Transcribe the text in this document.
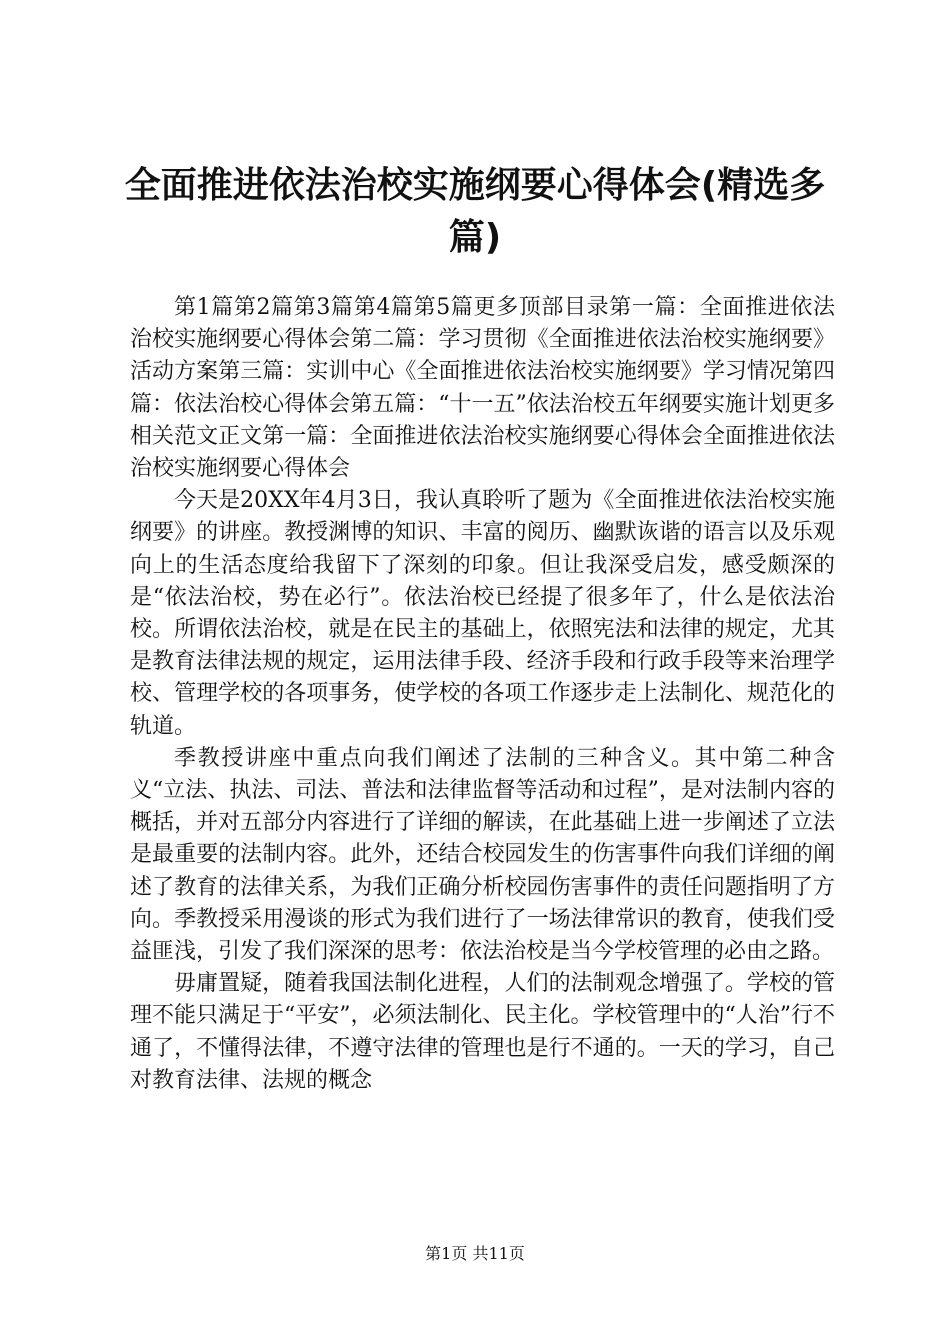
全面推进依法治校实施纲要心得体会(精选多篇)

第1篇第2篇第3篇第4篇第5篇更多顶部目录第一篇：全面推进依法治校实施纲要心得体会第二篇：学习贯彻《全面推进依法治校实施纲要》活动方案第三篇：实训中心《全面推进依法治校实施纲要》学习情况第四篇：依法治校心得体会第五篇：“十一五”依法治校五年纲要实施计划更多相关范文正文第一篇：全面推进依法治校实施纲要心得体会全面推进依法治校实施纲要心得体会

今天是20XX年4月3日，我认真聆听了题为《全面推进依法治校实施纲要》的讲座。教授渊博的知识、丰富的阅历、幽默诙谐的语言以及乐观向上的生活态度给我留下了深刻的印象。但让我深受启发，感受颇深的是“依法治校，势在必行”。依法治校已经提了很多年了，什么是依法治校。所谓依法治校，就是在民主的基础上，依照宪法和法律的规定，尤其是教育法律法规的规定，运用法律手段、经济手段和行政手段等来治理学校、管理学校的各项事务，使学校的各项工作逐步走上法制化、规范化的轨道。

季教授讲座中重点向我们阐述了法制的三种含义。其中第二种含义“立法、执法、司法、普法和法律监督等活动和过程”，是对法制内容的概括，并对五部分内容进行了详细的解读，在此基础上进一步阐述了立法是最重要的法制内容。此外，还结合校园发生的伤害事件向我们详细的阐述了教育的法律关系，为我们正确分析校园伤害事件的责任问题指明了方向。季教授采用漫谈的形式为我们进行了一场法律常识的教育，使我们受益匪浅，引发了我们深深的思考：依法治校是当今学校管理的必由之路。

毋庸置疑，随着我国法制化进程，人们的法制观念增强了。学校的管理不能只满足于“平安”，必须法制化、民主化。学校管理中的“人治”行不通了，不懂得法律，不遵守法律的管理也是行不通的。一天的学习，自己对教育法律、法规的概念

第1页 共11页
